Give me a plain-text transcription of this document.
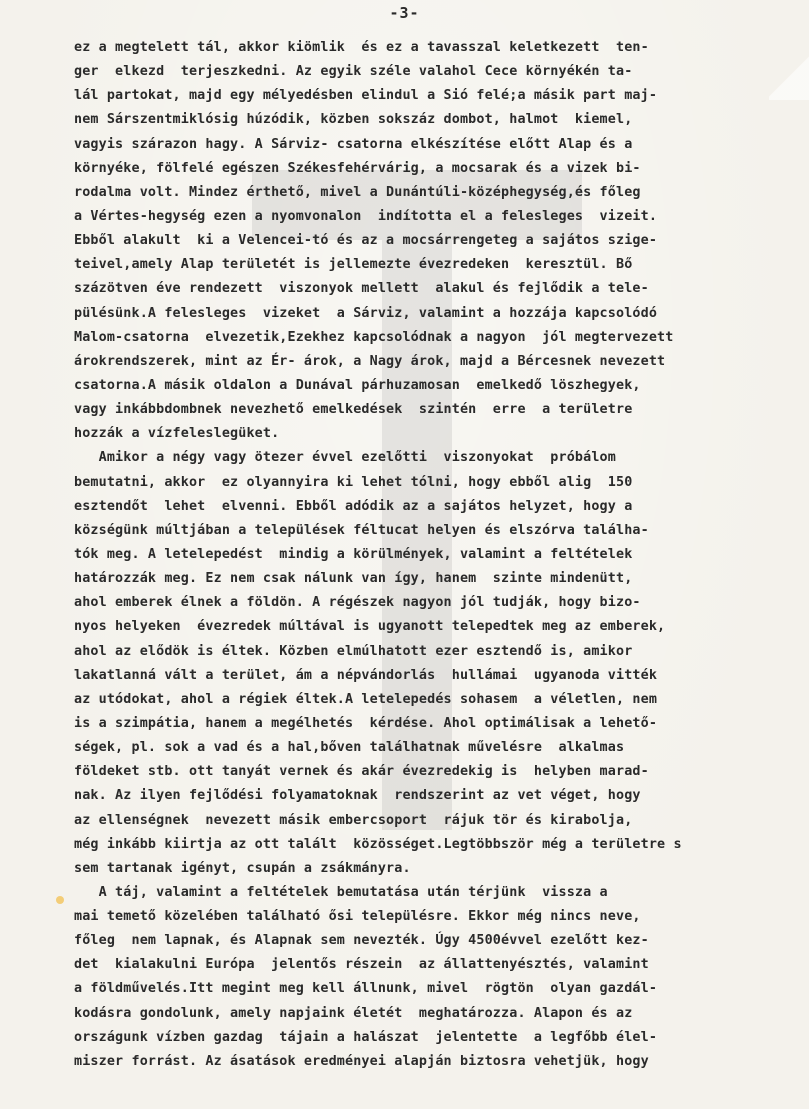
-3-
ez a megtelett tál, akkor kiömlik  és ez a tavasszal keletkezett  ten-
ger  elkezd  terjeszkedni. Az egyik széle valahol Cece környékén ta-
lál partokat, majd egy mélyedésben elindul a Sió felé;a másik part maj-
nem Sárszentmiklósig húzódik, közben sokszáz dombot, halmot  kiemel,
vagyis szárazon hagy. A Sárviz- csatorna elkészítése előtt Alap és a
környéke, fölfelé egészen Székesfehérvárig, a mocsarak és a vizek bi-
rodalma volt. Mindez érthető, mivel a Dunántúli-középhegység,és főleg
a Vértes-hegység ezen a nyomvonalon  indította el a felesleges  vizeit.
Ebből alakult  ki a Velencei-tó és az a mocsárrengeteg a sajátos szige-
teivel,amely Alap területét is jellemezte évezredeken  keresztül. Bő
százötven éve rendezett  viszonyok mellett  alakul és fejlődik a tele-
pülésünk.A felesleges  vizeket  a Sárviz, valamint a hozzája kapcsolódó
Malom-csatorna  elvezetik,Ezekhez kapcsolódnak a nagyon  jól megtervezett
árokrendszerek, mint az Ér- árok, a Nagy árok, majd a Bércesnek nevezett
csatorna.A másik oldalon a Dunával párhuzamosan  emelkedő löszhegyek,
vagy inkábbdombnek nevezhető emelkedések  szintén  erre  a területre
hozzák a vízfeleslegüket.
Amikor a négy vagy ötezer évvel ezelőtti  viszonyokat  próbálom
bemutatni, akkor  ez olyannyira ki lehet tólni, hogy ebből alig  150
esztendőt  lehet  elvenni. Ebből adódik az a sajátos helyzet, hogy a
községünk múltjában a települések féltucat helyen és elszórva találha-
tók meg. A letelepedést  mindig a körülmények, valamint a feltételek
határozzák meg. Ez nem csak nálunk van így, hanem  szinte mindenütt,
ahol emberek élnek a földön. A régészek nagyon jól tudják, hogy bizo-
nyos helyeken  évezredek múltával is ugyanott telepedtek meg az emberek,
ahol az elődök is éltek. Közben elmúlhatott ezer esztendő is, amikor
lakatlanná vált a terület, ám a népvándorlás  hullámai  ugyanoda vitték
az utódokat, ahol a régiek éltek.A letelepedés sohasem  a véletlen, nem
is a szimpátia, hanem a megélhetés  kérdése. Ahol optimálisak a lehető-
ségek, pl. sok a vad és a hal,bőven találhatnak művelésre  alkalmas
földeket stb. ott tanyát vernek és akár évezredekig is  helyben marad-
nak. Az ilyen fejlődési folyamatoknak  rendszerint az vet véget, hogy
az ellenségnek  nevezett másik embercsoport  rájuk tör és kirabolja,
még inkább kiirtja az ott talált  közösséget.Legtöbbször még a területre s
sem tartanak igényt, csupán a zsákmányra.
A táj, valamint a feltételek bemutatása után térjünk  vissza a
mai temető közelében található ősi településre. Ekkor még nincs neve,
főleg  nem lapnak, és Alapnak sem nevezték. Úgy 4500évvel ezelőtt kez-
det  kialakulni Európa  jelentős részein  az állattenyésztés, valamint
a földművelés.Itt megint meg kell állnunk, mivel  rögtön  olyan gazdál-
kodásra gondolunk, amely napjaink életét  meghatározza. Alapon és az
országunk vízben gazdag  tájain a halászat  jelentette  a legfőbb élel-
miszer forrást. Az ásatások eredményei alapján biztosra vehetjük, hogy
